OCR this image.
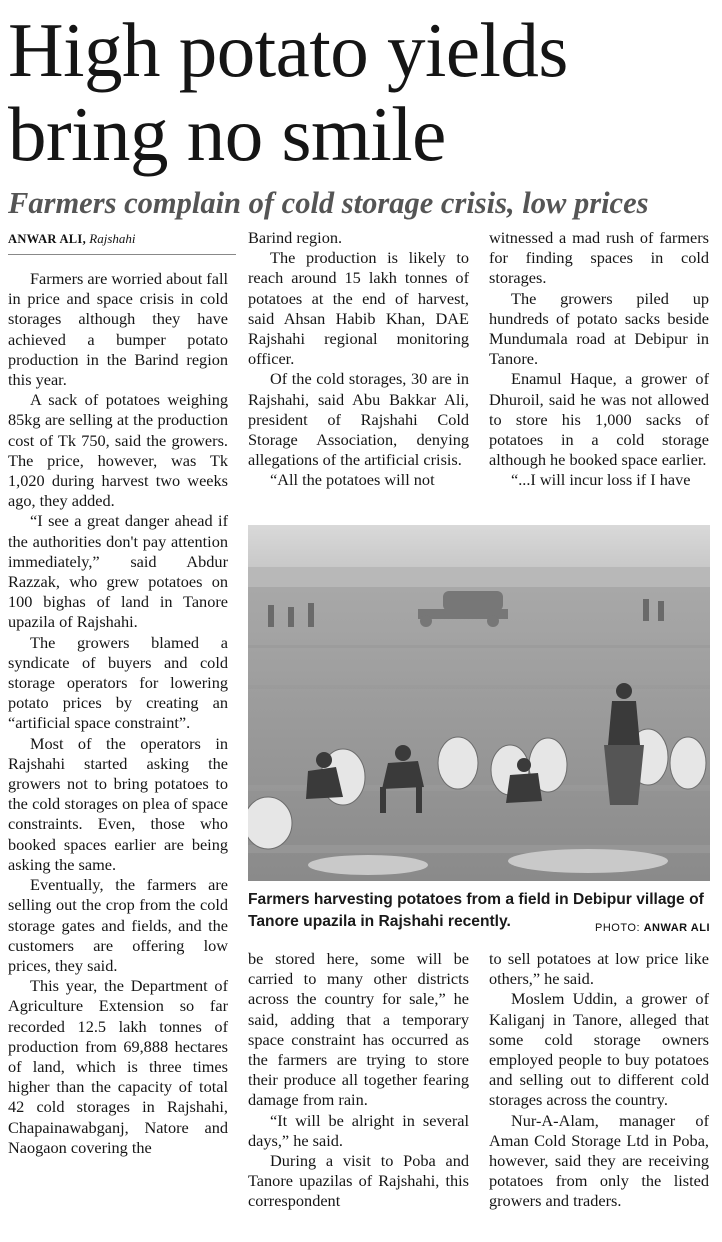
High potato yields
bring no smile
Farmers complain of cold storage crisis, low prices
ANWAR ALI, Rajshahi

Farmers are worried about fall in price and space crisis in cold storages although they have achieved a bumper potato production in the Barind region this year.

A sack of potatoes weighing 85kg are selling at the production cost of Tk 750, said the growers. The price, however, was Tk 1,020 during harvest two weeks ago, they added.

“I see a great danger ahead if the authorities don't pay attention immediately,” said Abdur Razzak, who grew potatoes on 100 bighas of land in Tanore upazila of Rajshahi.

The growers blamed a syndicate of buyers and cold storage operators for lowering potato prices by creating an “artificial space constraint”.

Most of the operators in Rajshahi started asking the growers not to bring potatoes to the cold storages on plea of space constraints. Even, those who booked spaces earlier are being asking the same.

Eventually, the farmers are selling out the crop from the cold storage gates and fields, and the customers are offering low prices, they said.

This year, the Department of Agriculture Extension so far recorded 12.5 lakh tonnes of production from 69,888 hectares of land, which is three times higher than the capacity of total 42 cold storages in Rajshahi, Chapainawabganj, Natore and Naogaon covering the

Barind region.

The production is likely to reach around 15 lakh tonnes of potatoes at the end of harvest, said Ahsan Habib Khan, DAE Rajshahi regional monitoring officer.

Of the cold storages, 30 are in Rajshahi, said Abu Bakkar Ali, president of Rajshahi Cold Storage Association, denying allegations of the artificial crisis.

“All the potatoes will not

witnessed a mad rush of farmers for finding spaces in cold storages.

The growers piled up hundreds of potato sacks beside Mundumala road at Debipur in Tanore.

Enamul Haque, a grower of Dhuroil, said he was not allowed to store his 1,000 sacks of potatoes in a cold storage although he booked space earlier.

“...I will incur loss if I have

Farmers harvesting potatoes from a field in Debipur village of Tanore upazila in Rajshahi recently.	PHOTO: ANWAR ALI

be stored here, some will be carried to many other districts across the country for sale,” he said, adding that a temporary space constraint has occurred as the farmers are trying to store their produce all together fearing damage from rain.

“It will be alright in several days,” he said.

During a visit to Poba and Tanore upazilas of Rajshahi, this correspondent

to sell potatoes at low price like others,” he said.

Moslem Uddin, a grower of Kaliganj in Tanore, alleged that some cold storage owners employed people to buy potatoes and selling out to different cold storages across the country.

Nur-A-Alam, manager of Aman Cold Storage Ltd in Poba, however, said they are receiving potatoes from only the listed growers and traders.
